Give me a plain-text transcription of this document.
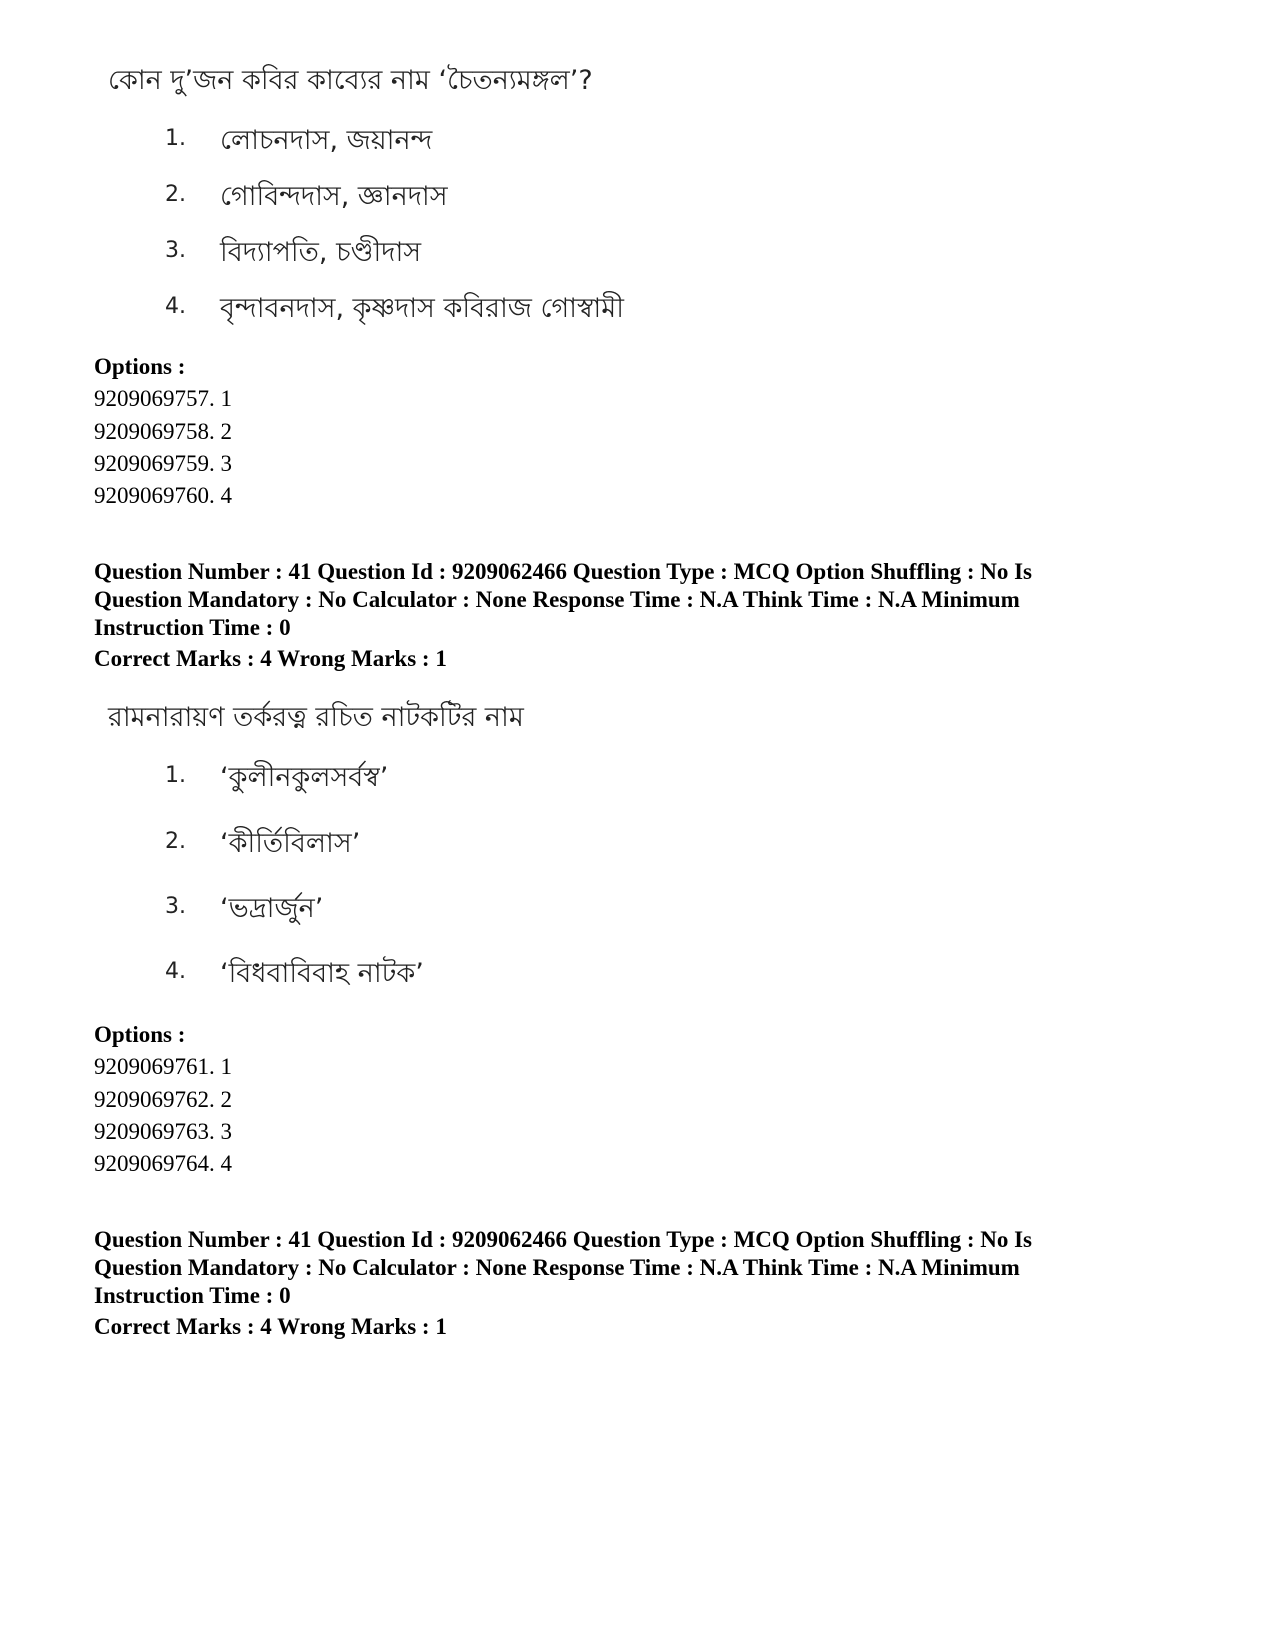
কোন দু’জন কবির কাব্যের নাম ‘চৈতন্যমঙ্গল’?
1.	লোচনদাস, জয়ানন্দ
2.	গোবিন্দদাস, জ্ঞানদাস
3.	বিদ্যাপতি, চণ্ডীদাস
4.	বৃন্দাবনদাস, কৃষ্ণদাস কবিরাজ গোস্বামী
Options :
9209069757. 1
9209069758. 2
9209069759. 3
9209069760. 4
Question Number : 41 Question Id : 9209062466 Question Type : MCQ Option Shuffling : No Is
Question Mandatory : No Calculator : None Response Time : N.A Think Time : N.A Minimum
Instruction Time : 0
Correct Marks : 4 Wrong Marks : 1
রামনারায়ণ তর্করত্ন রচিত নাটকটির নাম
1.	‘কুলীনকুলসর্বস্ব’
2.	‘কীর্তিবিলাস’
3.	‘ভদ্রার্জুন’
4.	‘বিধবাবিবাহ নাটক’
Options :
9209069761. 1
9209069762. 2
9209069763. 3
9209069764. 4
Question Number : 41 Question Id : 9209062466 Question Type : MCQ Option Shuffling : No Is
Question Mandatory : No Calculator : None Response Time : N.A Think Time : N.A Minimum
Instruction Time : 0
Correct Marks : 4 Wrong Marks : 1
